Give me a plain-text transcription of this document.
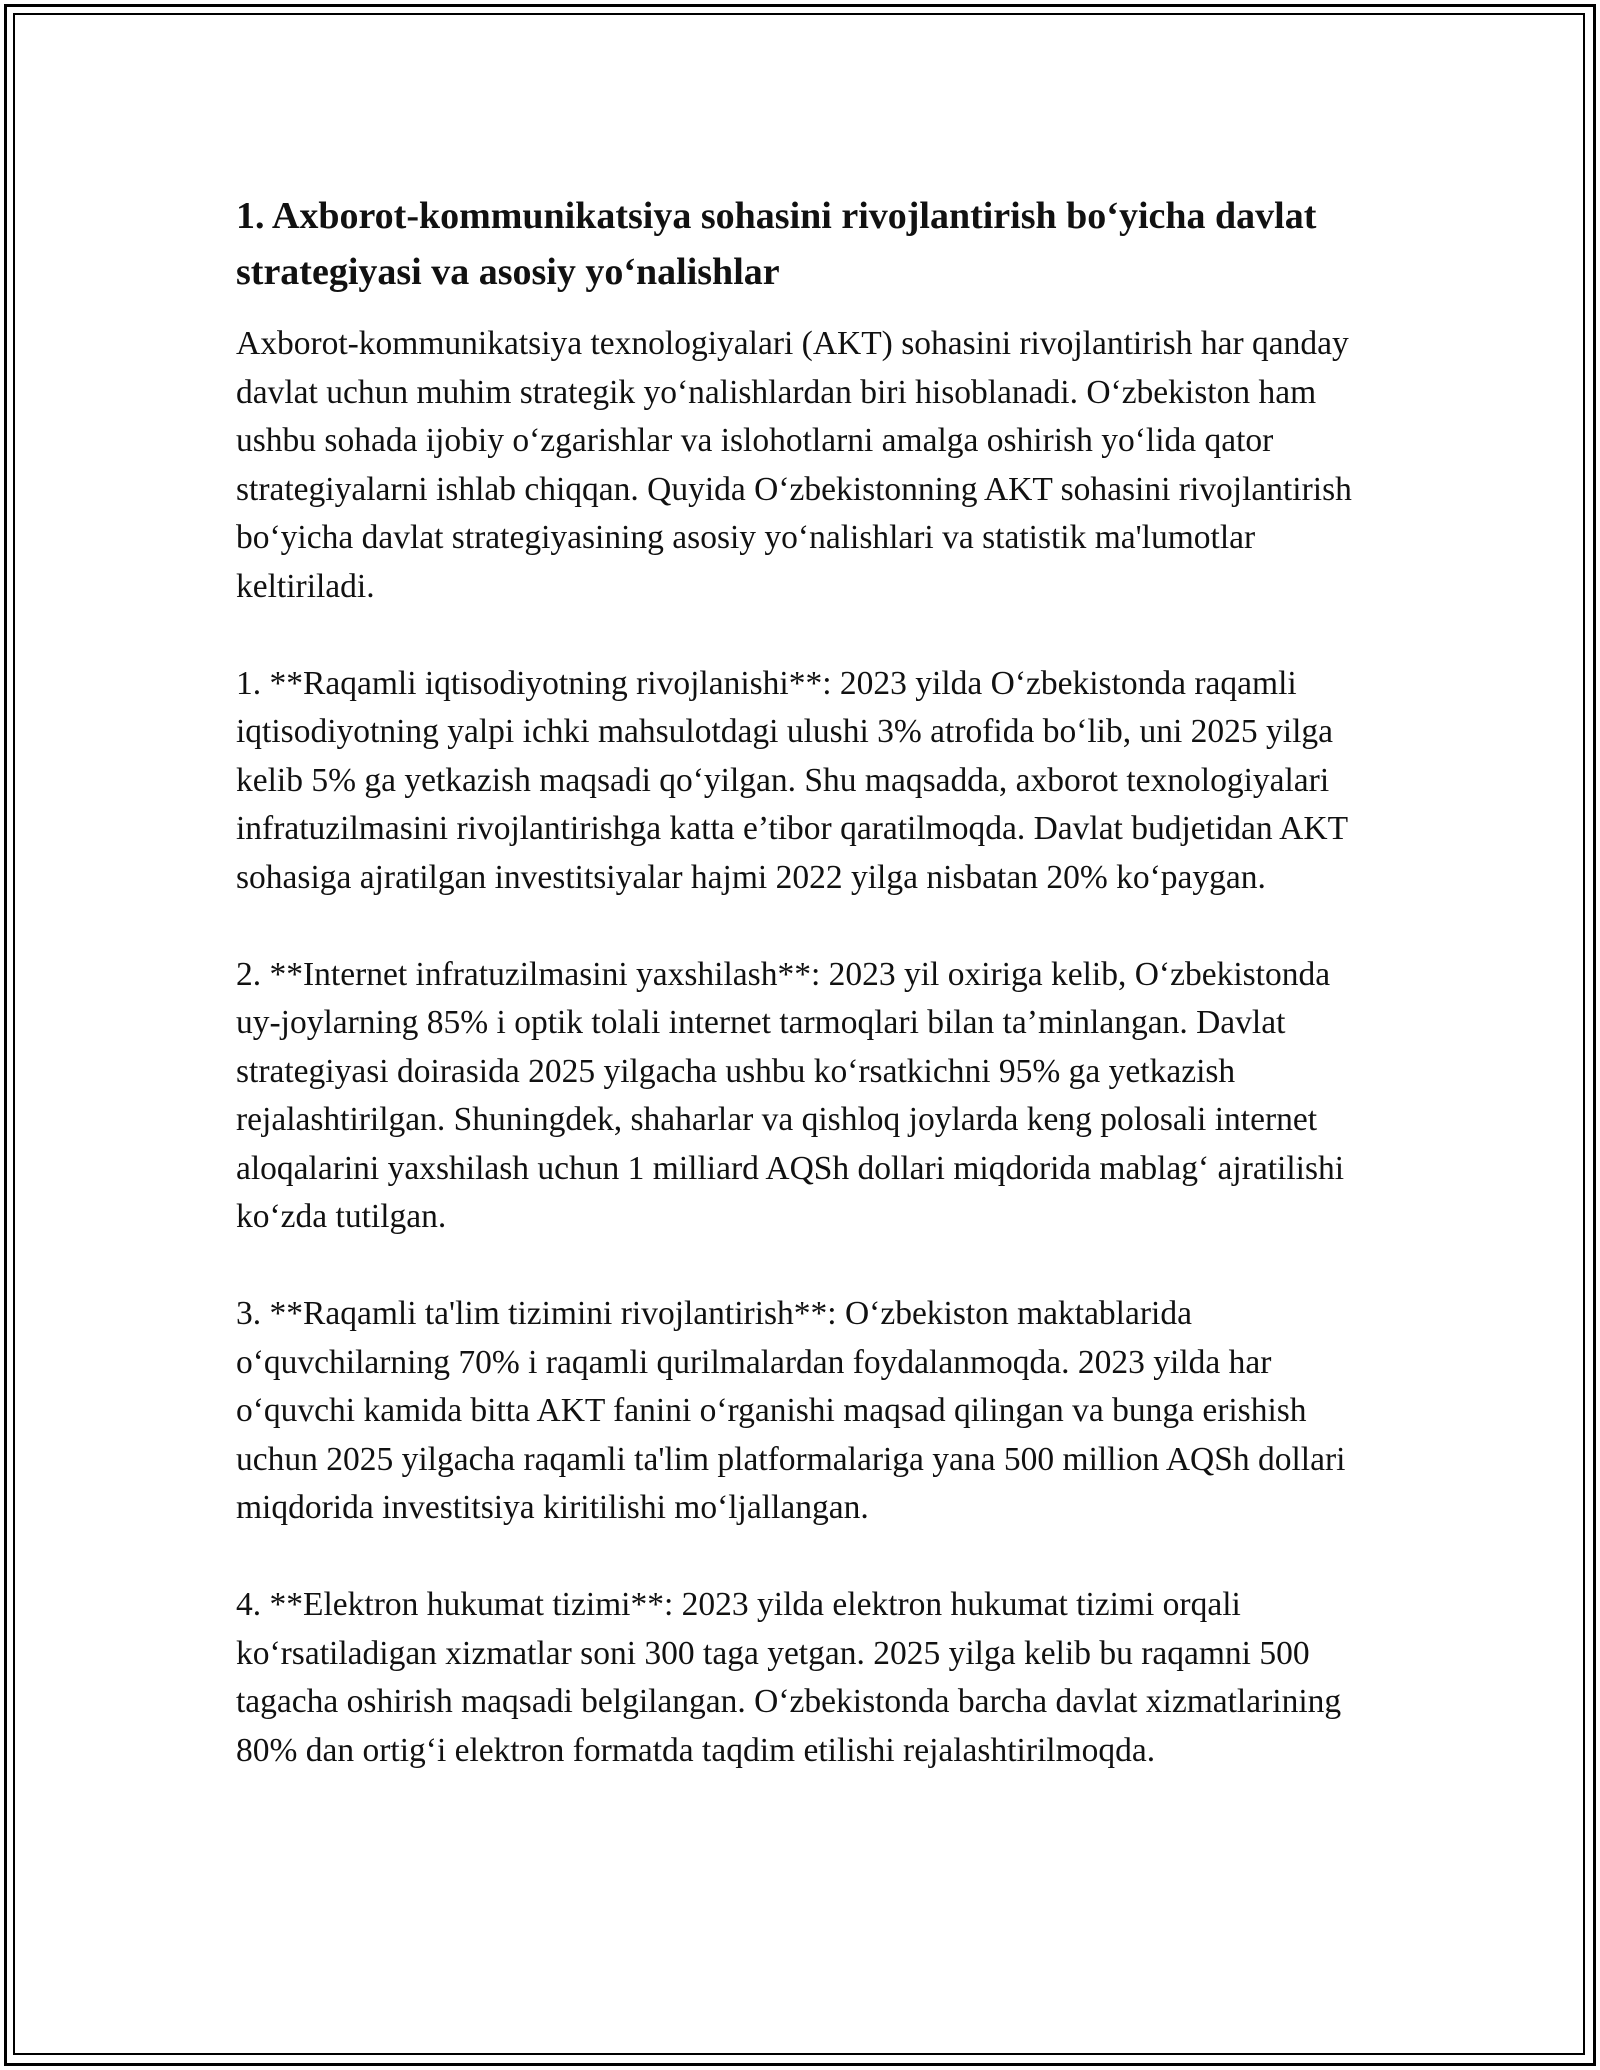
1. Axborot-kommunikatsiya sohasini rivojlantirish bo‘yicha davlat strategiyasi va asosiy yo‘nalishlar

Axborot-kommunikatsiya texnologiyalari (AKT) sohasini rivojlantirish har qanday davlat uchun muhim strategik yo‘nalishlardan biri hisoblanadi. O‘zbekiston ham ushbu sohada ijobiy o‘zgarishlar va islohotlarni amalga oshirish yo‘lida qator strategiyalarni ishlab chiqqan. Quyida O‘zbekistonning AKT sohasini rivojlantirish bo‘yicha davlat strategiyasining asosiy yo‘nalishlari va statistik ma'lumotlar keltiriladi.

1. **Raqamli iqtisodiyotning rivojlanishi**: 2023 yilda O‘zbekistonda raqamli iqtisodiyotning yalpi ichki mahsulotdagi ulushi 3% atrofida bo‘lib, uni 2025 yilga kelib 5% ga yetkazish maqsadi qo‘yilgan. Shu maqsadda, axborot texnologiyalari infratuzilmasini rivojlantirishga katta e’tibor qaratilmoqda. Davlat budjetidan AKT sohasiga ajratilgan investitsiyalar hajmi 2022 yilga nisbatan 20% ko‘paygan.

2. **Internet infratuzilmasini yaxshilash**: 2023 yil oxiriga kelib, O‘zbekistonda uy-joylarning 85% i optik tolali internet tarmoqlari bilan ta’minlangan. Davlat strategiyasi doirasida 2025 yilgacha ushbu ko‘rsatkichni 95% ga yetkazish rejalashtirilgan. Shuningdek, shaharlar va qishloq joylarda keng polosali internet aloqalarini yaxshilash uchun 1 milliard AQSh dollari miqdorida mablag‘ ajratilishi ko‘zda tutilgan.

3. **Raqamli ta'lim tizimini rivojlantirish**: O‘zbekiston maktablarida o‘quvchilarning 70% i raqamli qurilmalardan foydalanmoqda. 2023 yilda har o‘quvchi kamida bitta AKT fanini o‘rganishi maqsad qilingan va bunga erishish uchun 2025 yilgacha raqamli ta'lim platformalariga yana 500 million AQSh dollari miqdorida investitsiya kiritilishi mo‘ljallangan.

4. **Elektron hukumat tizimi**: 2023 yilda elektron hukumat tizimi orqali ko‘rsatiladigan xizmatlar soni 300 taga yetgan. 2025 yilga kelib bu raqamni 500 tagacha oshirish maqsadi belgilangan. O‘zbekistonda barcha davlat xizmatlarining 80% dan ortig‘i elektron formatda taqdim etilishi rejalashtirilmoqda.
